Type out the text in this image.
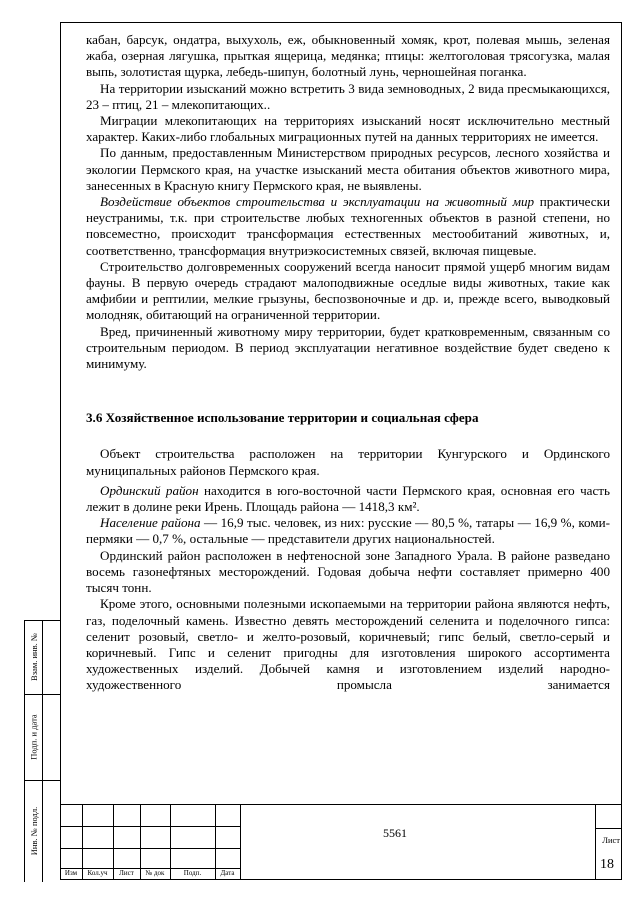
Взам. инв. №
Подп. и дата
Инв. № подл.

кабан, барсук, ондатра, выхухоль, еж, обыкновенный хомяк, крот, полевая мышь, зеленая жаба, озерная лягушка, прыткая ящерица, медянка; птицы: желтоголовая трясогузка, малая выпь, золотистая щурка, лебедь-шипун, болотный лунь, черношейная поганка.

На территории изысканий можно встретить 3 вида земноводных, 2 вида пресмыкающихся, 23 – птиц, 21 – млекопитающих..

Миграции млекопитающих на территориях изысканий носят исключительно местный характер. Каких-либо глобальных миграционных путей на данных территориях не имеется.

По данным, предоставленным Министерством природных ресурсов, лесного хозяйства и экологии Пермского края, на участке изысканий места обитания объектов животного мира, занесенных в Красную книгу Пермского края, не выявлены.

Воздействие объектов строительства и эксплуатации на животный мир практически неустранимы, т.к. при строительстве любых техногенных объектов в разной степени, но повсеместно, происходит трансформация естественных местообитаний животных, и, соответственно, трансформация внутриэкосистемных связей, включая пищевые.

Строительство долговременных сооружений всегда наносит прямой ущерб многим видам фауны. В первую очередь страдают малоподвижные оседлые виды животных, такие как амфибии и рептилии, мелкие грызуны, беспозвоночные и др. и, прежде всего, выводковый молодняк, обитающий на ограниченной территории.

Вред, причиненный животному миру территории, будет кратковременным, связанным со строительным периодом. В период эксплуатации негативное воздействие будет сведено к минимуму.

3.6 Хозяйственное использование территории и социальная сфера

Объект строительства расположен на территории Кунгурского и Ординского муниципальных районов Пермского края.

Ординский район находится в юго-восточной части Пермского края, основная его часть лежит в долине реки Ирень. Площадь района — 1418,3 км².

Население района — 16,9 тыс. человек, из них: русские — 80,5 %, татары — 16,9 %, коми-пермяки — 0,7 %, остальные — представители других национальностей.

Ординский район расположен в нефтеносной зоне Западного Урала. В районе разведано восемь газонефтяных месторождений. Годовая добыча нефти составляет примерно 400 тысяч тонн.

Кроме этого, основными полезными ископаемыми на территории района являются нефть, газ, поделочный камень. Известно девять месторождений селенита и поделочного гипса: селенит розовый, светло- и желто-розовый, коричневый; гипс белый, светло-серый и коричневый. Гипс и селенит пригодны для изготовления широкого ассортимента художественных изделий. Добычей камня и изготовлением изделий народно-художественного промысла занимается

Изм	Кол.уч	Лист	№ док	Подп.	Дата
5561	Лист
18
